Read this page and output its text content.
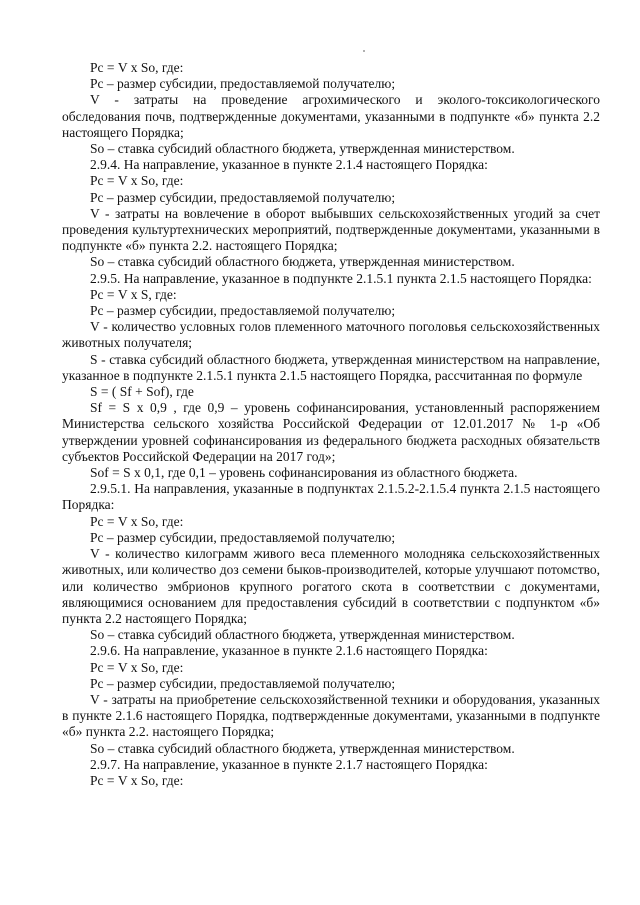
Рс = V x So, где:

Рс – размер субсидии, предоставляемой получателю;

V - затраты на проведение агрохимического и эколого-токсикологического обследования почв, подтвержденные документами, указанными в подпункте «б» пункта 2.2 настоящего Порядка;

So – ставка субсидий областного бюджета, утвержденная министерством.

2.9.4. На направление, указанное в пункте 2.1.4 настоящего Порядка:

Рс = V x So, где:

Рс – размер субсидии, предоставляемой получателю;

V - затраты на вовлечение в оборот выбывших сельскохозяйственных угодий за счет проведения культуртехнических мероприятий, подтвержденные документами, указанными в подпункте «б» пункта 2.2. настоящего Порядка;

So – ставка субсидий областного бюджета, утвержденная министерством.

2.9.5. На направление, указанное в подпункте 2.1.5.1 пункта 2.1.5 настоящего Порядка:

Рс = V x S, где:

Рс – размер субсидии, предоставляемой получателю;

V - количество условных голов племенного маточного поголовья сельскохозяйственных животных получателя;

S - ставка субсидий областного бюджета, утвержденная министерством на направление, указанное в подпункте 2.1.5.1 пункта 2.1.5 настоящего Порядка, рассчитанная по формуле

S = ( Sf + Sof), где

Sf = S x 0,9 , где 0,9 – уровень софинансирования, установленный распоряжением Министерства сельского хозяйства Российской Федерации от 12.01.2017 № 1-р «Об утверждении уровней софинансирования из федерального бюджета расходных обязательств субъектов Российской Федерации на 2017 год»;

Sof = S x 0,1, где 0,1 – уровень софинансирования из областного бюджета.

2.9.5.1. На направления, указанные в подпунктах 2.1.5.2-2.1.5.4 пункта 2.1.5 настоящего Порядка:

Рс = V x So, где:

Рс – размер субсидии, предоставляемой получателю;

V - количество килограмм живого веса племенного молодняка сельскохозяйственных животных, или количество доз семени быков-производителей, которые улучшают потомство, или количество эмбрионов крупного рогатого скота в соответствии с документами, являющимися основанием для предоставления субсидий в соответствии с подпунктом «б» пункта 2.2 настоящего Порядка;

So – ставка субсидий областного бюджета, утвержденная министерством.

2.9.6. На направление, указанное в пункте 2.1.6 настоящего Порядка:

Рс = V x So, где:

Рс – размер субсидии, предоставляемой получателю;

V - затраты на приобретение сельскохозяйственной техники и оборудования, указанных в пункте 2.1.6 настоящего Порядка, подтвержденные документами, указанными в подпункте «б» пункта 2.2. настоящего Порядка;

So – ставка субсидий областного бюджета, утвержденная министерством.

2.9.7. На направление, указанное в пункте 2.1.7 настоящего Порядка:

Рс = V x So, где:
